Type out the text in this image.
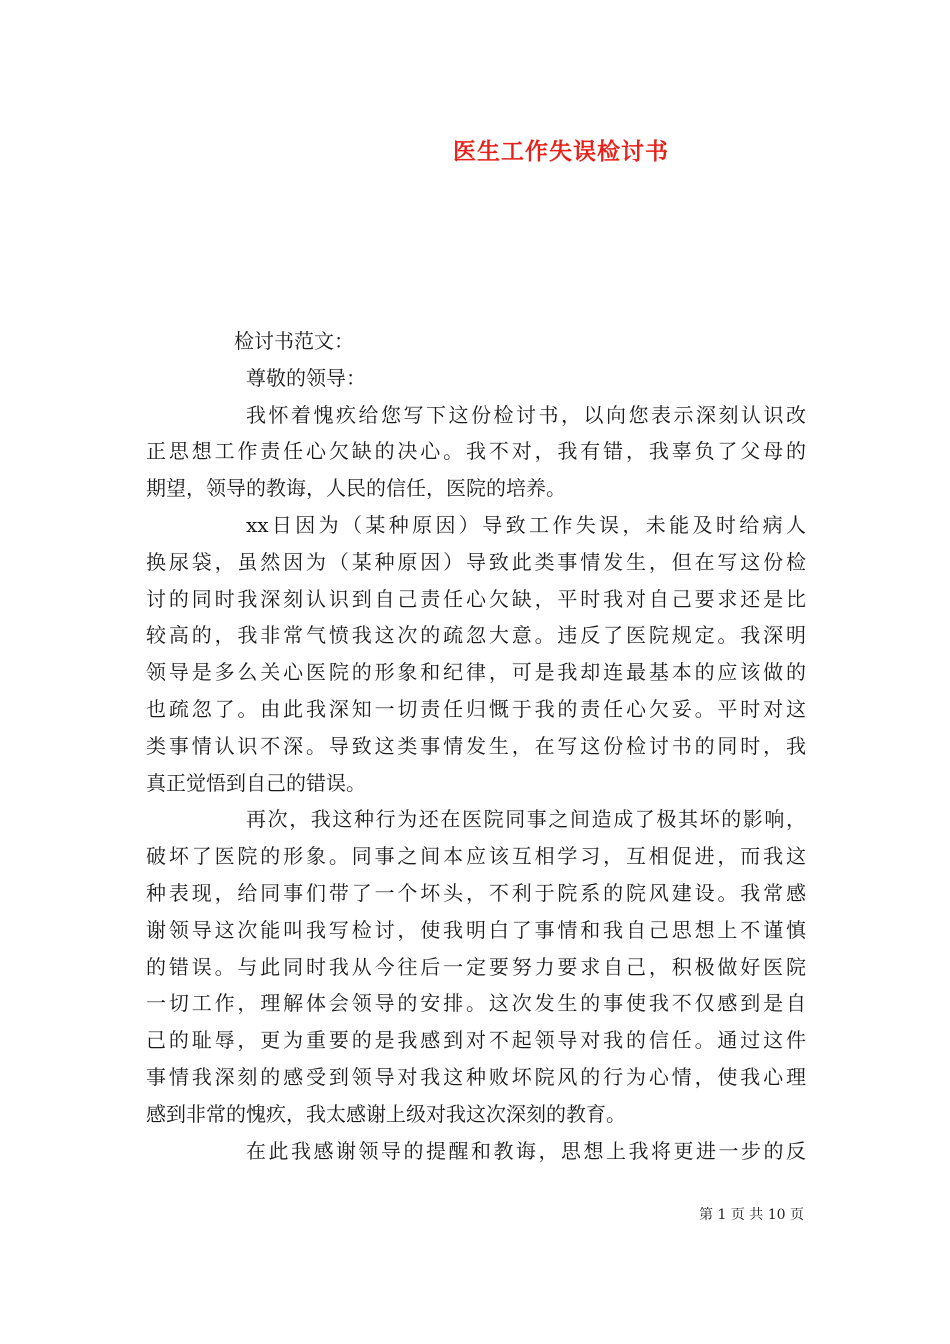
医生工作失误检讨书
检讨书范文：
尊敬的领导：
我怀着愧疚给您写下这份检讨书，以向您表示深刻认识改
正思想工作责任心欠缺的决心。我不对，我有错，我辜负了父母的
期望，领导的教诲，人民的信任，医院的培养。
xx日因为（某种原因）导致工作失误，未能及时给病人
换尿袋，虽然因为（某种原因）导致此类事情发生，但在写这份检
讨的同时我深刻认识到自己责任心欠缺，平时我对自己要求还是比
较高的，我非常气愤我这次的疏忽大意。违反了医院规定。我深明
领导是多么关心医院的形象和纪律，可是我却连最基本的应该做的
也疏忽了。由此我深知一切责任归慨于我的责任心欠妥。平时对这
类事情认识不深。导致这类事情发生，在写这份检讨书的同时，我
真正觉悟到自己的错误。
再次，我这种行为还在医院同事之间造成了极其坏的影响，
破坏了医院的形象。同事之间本应该互相学习，互相促进，而我这
种表现，给同事们带了一个坏头，不利于院系的院风建设。我常感
谢领导这次能叫我写检讨，使我明白了事情和我自己思想上不谨慎
的错误。与此同时我从今往后一定要努力要求自己，积极做好医院
一切工作，理解体会领导的安排。这次发生的事使我不仅感到是自
己的耻辱，更为重要的是我感到对不起领导对我的信任。通过这件
事情我深刻的感受到领导对我这种败坏院风的行为心情，使我心理
感到非常的愧疚，我太感谢上级对我这次深刻的教育。
在此我感谢领导的提醒和教诲，思想上我将更进一步的反
第 1 页 共 10 页
